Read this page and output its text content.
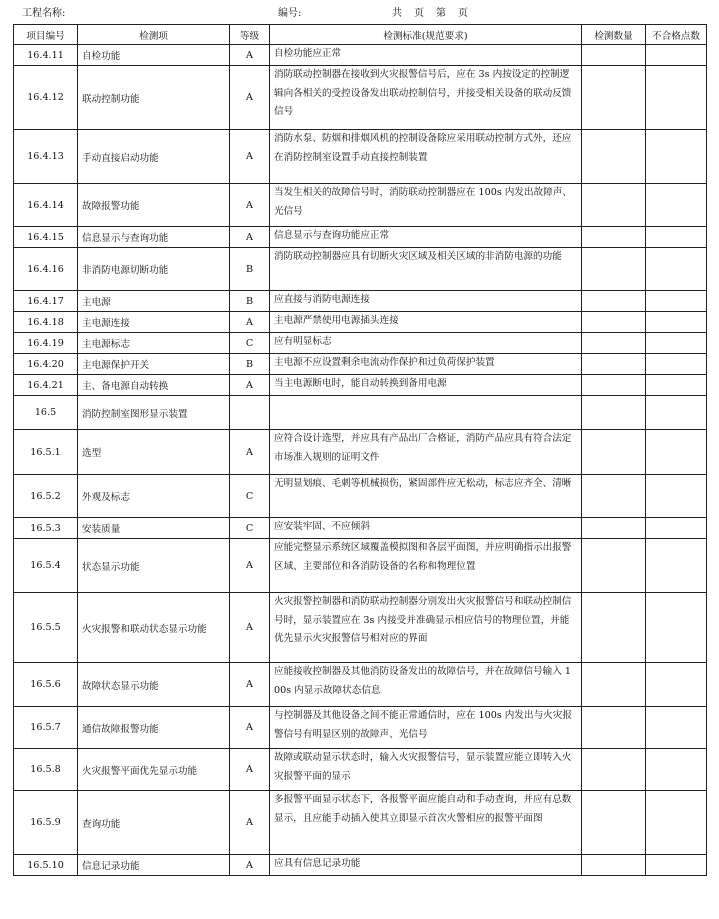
工程名称:	编号:	共　页　第　页
项目编号	检测项	等级	检测标准(规范要求)	检测数量	不合格点数
16.4.11	自检功能	A	自检功能应正常		
16.4.12	联动控制功能	A	消防联动控制器在接收到火灾报警信号后，应在 3s 内按设定的控制逻辑向各相关的受控设备发出联动控制信号，并接受相关设备的联动反馈信号		
16.4.13	手动直接启动功能	A	消防水泵、防烟和排烟风机的控制设备除应采用联动控制方式外，还应在消防控制室设置手动直接控制装置		
16.4.14	故障报警功能	A	当发生相关的故障信号时，消防联动控制器应在 100s 内发出故障声、光信号		
16.4.15	信息显示与查询功能	A	信息显示与查询功能应正常		
16.4.16	非消防电源切断功能	B	消防联动控制器应具有切断火灾区域及相关区域的非消防电源的功能		
16.4.17	主电源	B	应直接与消防电源连接		
16.4.18	主电源连接	A	主电源严禁使用电源插头连接		
16.4.19	主电源标志	C	应有明显标志		
16.4.20	主电源保护开关	B	主电源不应设置剩余电流动作保护和过负荷保护装置		
16.4.21	主、备电源自动转换	A	当主电源断电时，能自动转换到备用电源		
16.5	消防控制室图形显示装置				
16.5.1	选型	A	应符合设计选型，并应具有产品出厂合格证，消防产品应具有符合法定市场准入规则的证明文件		
16.5.2	外观及标志	C	无明显划痕、毛刺等机械损伤，紧固部件应无松动，标志应齐全、清晰		
16.5.3	安装质量	C	应安装牢固、不应倾斜		
16.5.4	状态显示功能	A	应能完整显示系统区域覆盖模拟图和各层平面图，并应明确指示出报警区域、主要部位和各消防设备的名称和物理位置		
16.5.5	火灾报警和联动状态显示功能	A	火灾报警控制器和消防联动控制器分别发出火灾报警信号和联动控制信号时，显示装置应在 3s 内接受并准确显示相应信号的物理位置，并能优先显示火灾报警信号相对应的界面		
16.5.6	故障状态显示功能	A	应能接收控制器及其他消防设备发出的故障信号，并在故障信号输入 100s 内显示故障状态信息		
16.5.7	通信故障报警功能	A	与控制器及其他设备之间不能正常通信时，应在 100s 内发出与火灾报警信号有明显区别的故障声、光信号		
16.5.8	火灾报警平面优先显示功能	A	故障或联动显示状态时，输入火灾报警信号，显示装置应能立即转入火灾报警平面的显示		
16.5.9	查询功能	A	多报警平面显示状态下，各报警平面应能自动和手动查询，并应有总数显示，且应能手动插入使其立即显示首次火警相应的报警平面图		
16.5.10	信息记录功能	A	应具有信息记录功能		
